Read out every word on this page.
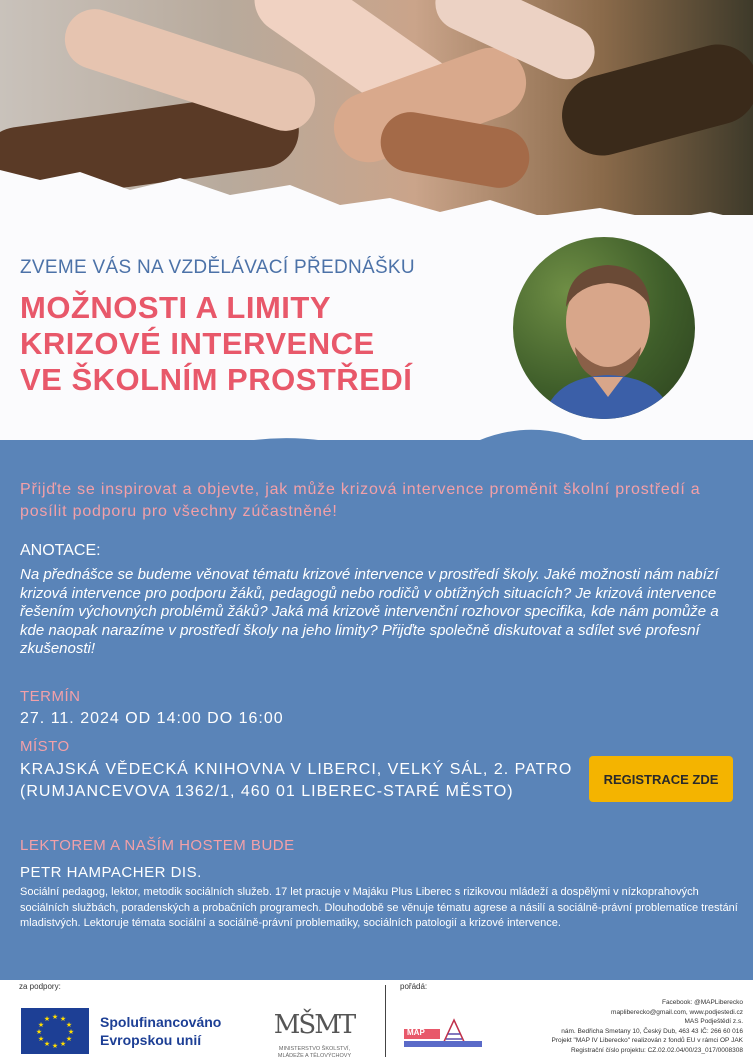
ZVEME VÁS NA VZDĚLÁVACÍ PŘEDNÁŠKU
MOŽNOSTI A LIMITY
KRIZOVÉ INTERVENCE
VE ŠKOLNÍM PROSTŘEDÍ
Přijďte se inspirovat a objevte, jak může krizová intervence proměnit školní prostředí a posílit podporu pro všechny zúčastněné!
ANOTACE:
Na přednášce se budeme věnovat tématu krizové intervence v prostředí školy. Jaké možnosti nám nabízí krizová intervence pro podporu žáků, pedagogů nebo rodičů v obtížných situacích? Je krizová intervence řešením výchovných problémů žáků? Jaká má krizově intervenční rozhovor specifika, kde nám pomůže a kde naopak narazíme v prostředí školy na jeho limity? Přijďte společně diskutovat a sdílet své profesní zkušenosti!
TERMÍN
27. 11. 2024 OD 14:00 DO 16:00
MÍSTO
KRAJSKÁ VĚDECKÁ KNIHOVNA V LIBERCI, VELKÝ SÁL, 2. PATRO (RUMJANCEVOVA 1362/1, 460 01 LIBEREC-STARÉ MĚSTO)
REGISTRACE ZDE
LEKTOREM A NAŠÍM HOSTEM BUDE
PETR HAMPACHER DIS.
Sociální pedagog, lektor, metodik sociálních služeb. 17 let pracuje v Majáku Plus Liberec s rizikovou mládeží a dospělými v nízkoprahových sociálních službách, poradenských a probačních programech. Dlouhodobě se věnuje tématu agrese a násilí a sociálně-právní problematice trestání mladistvých. Lektoruje témata sociální a sociálně-právní problematiky, sociálních patologií a krizové intervence.
za podpory:
★ ★
★
★
★
★
★
★
★
★
★
★	Spolufinancováno
Evropskou unií	MŠMT
MINISTERSTVO ŠKOLSTVÍ,
MLÁDEŽE A TĚLOVÝCHOVY
pořádá:
MAP
Facebook: @MAPLiberecko
mapliberecko@gmail.com, www.podjestedi.cz
MAS Podještědí z.s.
nám. Bedřicha Smetany 10, Český Dub, 463 43 IČ: 266 60 016
Projekt "MAP IV Liberecko" realizován z fondů EU v rámci OP JAK
Registrační číslo projektu: CZ.02.02.04/00/23_017/0008308
